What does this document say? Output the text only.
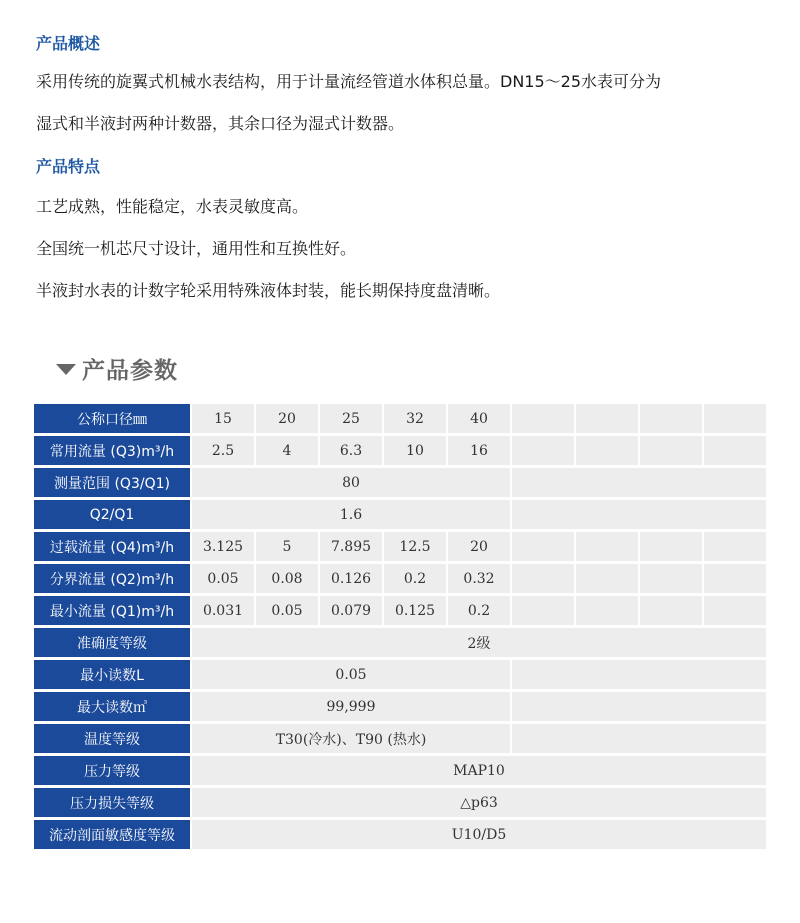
产品概述
采用传统的旋翼式机械水表结构，用于计量流经管道水体积总量。DN15～25水表可分为
湿式和半液封两种计数器，其余口径为湿式计数器。
产品特点
工艺成熟，性能稳定，水表灵敏度高。
全国统一机芯尺寸设计，通用性和互换性好。
半液封水表的计数字轮采用特殊液体封装，能长期保持度盘清晰。
产品参数
公称口径㎜	15	20	25	32	40				
常用流量 (Q3)m³/h	2.5	4	6.3	10	16				
测量范围 (Q3/Q1)	80								
Q2/Q1	1.6								
过载流量 (Q4)m³/h	3.125	5	7.895	12.5	20				
分界流量 (Q2)m³/h	0.05	0.08	0.126	0.2	0.32				
最小流量 (Q1)m³/h	0.031	0.05	0.079	0.125	0.2				
准确度等级	2级								
最小读数L	0.05								
最大读数㎥	99,999								
温度等级	T30(冷水)、T90 (热水)								
压力等级	MAP10								
压力损失等级	△p63								
流动剖面敏感度等级	U10/D5								
